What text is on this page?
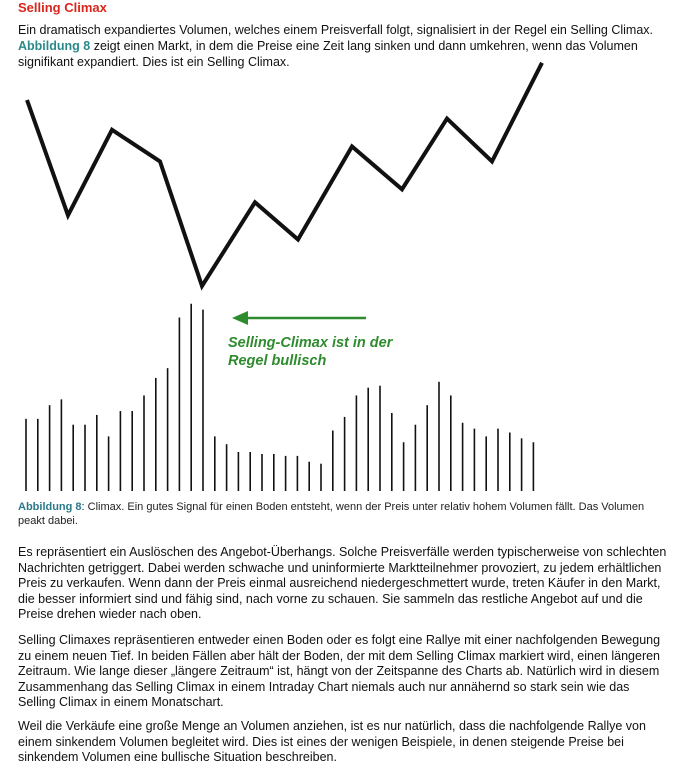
Selling Climax
Ein dramatisch expandiertes Volumen, welches einem Preisverfall folgt, signalisiert in der Regel ein Selling Climax. Abbildung 8 zeigt einen Markt, in dem die Preise eine Zeit lang sinken und dann umkehren, wenn das Volumen signifikant expandiert. Dies ist ein Selling Climax.
Selling-Climax ist in der
Regel bullisch
Abbildung 8: Climax. Ein gutes Signal für einen Boden entsteht, wenn der Preis unter relativ hohem Volumen fällt. Das Volumen peakt dabei.
Es repräsentiert ein Auslöschen des Angebot-Überhangs. Solche Preisverfälle werden typischerweise von schlechten Nachrichten getriggert. Dabei werden schwache und uninformierte Marktteilnehmer provoziert, zu jedem erhältlichen Preis zu verkaufen. Wenn dann der Preis einmal ausreichend niedergeschmettert wurde, treten Käufer in den Markt, die besser informiert sind und fähig sind, nach vorne zu schauen. Sie sammeln das restliche Angebot auf und die Preise drehen wieder nach oben.
Selling Climaxes repräsentieren entweder einen Boden oder es folgt eine Rallye mit einer nachfolgenden Bewegung zu einem neuen Tief. In beiden Fällen aber hält der Boden, der mit dem Selling Climax markiert wird, einen längeren Zeitraum. Wie lange dieser „längere Zeitraum“ ist, hängt von der Zeitspanne des Charts ab. Natürlich wird in diesem Zusammenhang das Selling Climax in einem Intraday Chart niemals auch nur annähernd so stark sein wie das Selling Climax in einem Monatschart.
Weil die Verkäufe eine große Menge an Volumen anziehen, ist es nur natürlich, dass die nachfolgende Rallye von einem sinkendem Volumen begleitet wird. Dies ist eines der wenigen Beispiele, in denen steigende Preise bei sinkendem Volumen eine bullische Situation beschreiben.
